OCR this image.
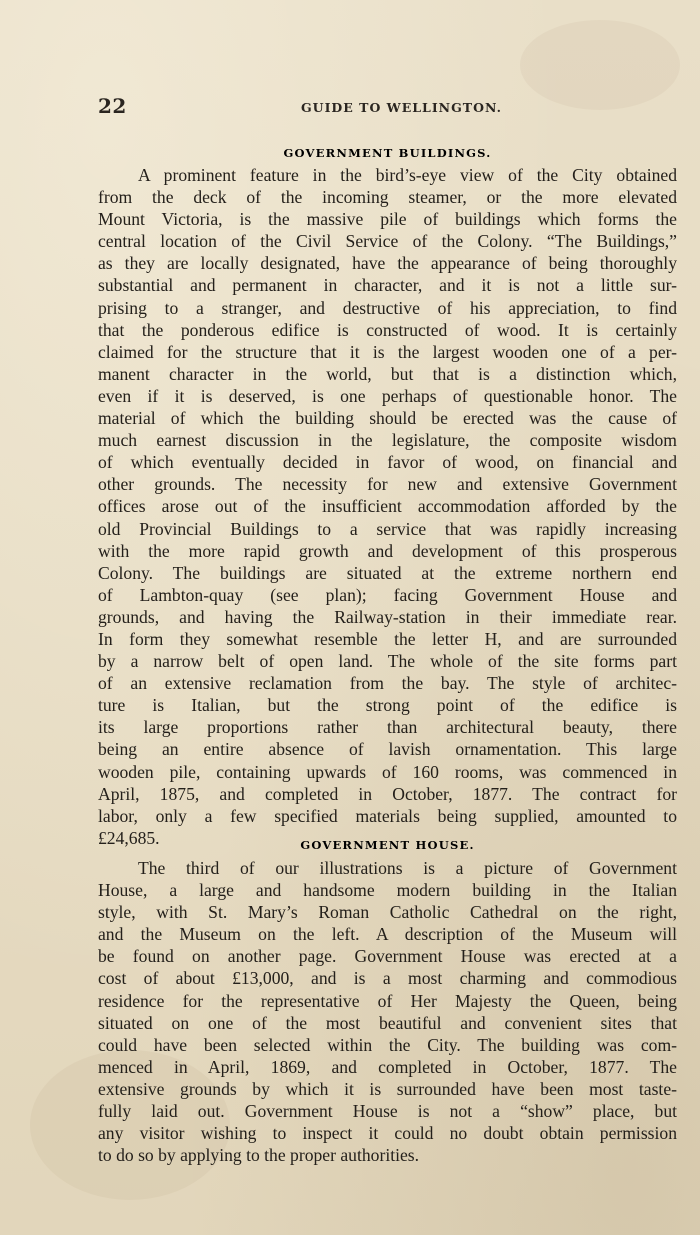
22	GUIDE TO WELLINGTON.
GOVERNMENT BUILDINGS.
A prominent feature in the bird’s-eye view of the City obtained
from the deck of the incoming steamer, or the more elevated
Mount Victoria, is the massive pile of buildings which forms the
central location of the Civil Service of the Colony. “The Buildings,”
as they are locally designated, have the appearance of being thoroughly
substantial and permanent in character, and it is not a little sur-
prising to a stranger, and destructive of his appreciation, to find
that the ponderous edifice is constructed of wood. It is certainly
claimed for the structure that it is the largest wooden one of a per-
manent character in the world, but that is a distinction which,
even if it is deserved, is one perhaps of questionable honor. The
material of which the building should be erected was the cause of
much earnest discussion in the legislature, the composite wisdom
of which eventually decided in favor of wood, on financial and
other grounds. The necessity for new and extensive Government
offices arose out of the insufficient accommodation afforded by the
old Provincial Buildings to a service that was rapidly increasing
with the more rapid growth and development of this prosperous
Colony. The buildings are situated at the extreme northern end
of Lambton-quay (see plan); facing Government House and
grounds, and having the Railway-station in their immediate rear.
In form they somewhat resemble the letter H, and are surrounded
by a narrow belt of open land. The whole of the site forms part
of an extensive reclamation from the bay. The style of architec-
ture is Italian, but the strong point of the edifice is
its large proportions rather than architectural beauty, there
being an entire absence of lavish ornamentation. This large
wooden pile, containing upwards of 160 rooms, was commenced in
April, 1875, and completed in October, 1877. The contract for
labor, only a few specified materials being supplied, amounted to
£24,685.	GOVERNMENT HOUSE.
The third of our illustrations is a picture of Government
House, a large and handsome modern building in the Italian
style, with St. Mary’s Roman Catholic Cathedral on the right,
and the Museum on the left. A description of the Museum will
be found on another page. Government House was erected at a
cost of about £13,000, and is a most charming and commodious
residence for the representative of Her Majesty the Queen, being
situated on one of the most beautiful and convenient sites that
could have been selected within the City. The building was com-
menced in April, 1869, and completed in October, 1877. The
extensive grounds by which it is surrounded have been most taste-
fully laid out. Government House is not a “show” place, but
any visitor wishing to inspect it could no doubt obtain permission
to do so by applying to the proper authorities.
